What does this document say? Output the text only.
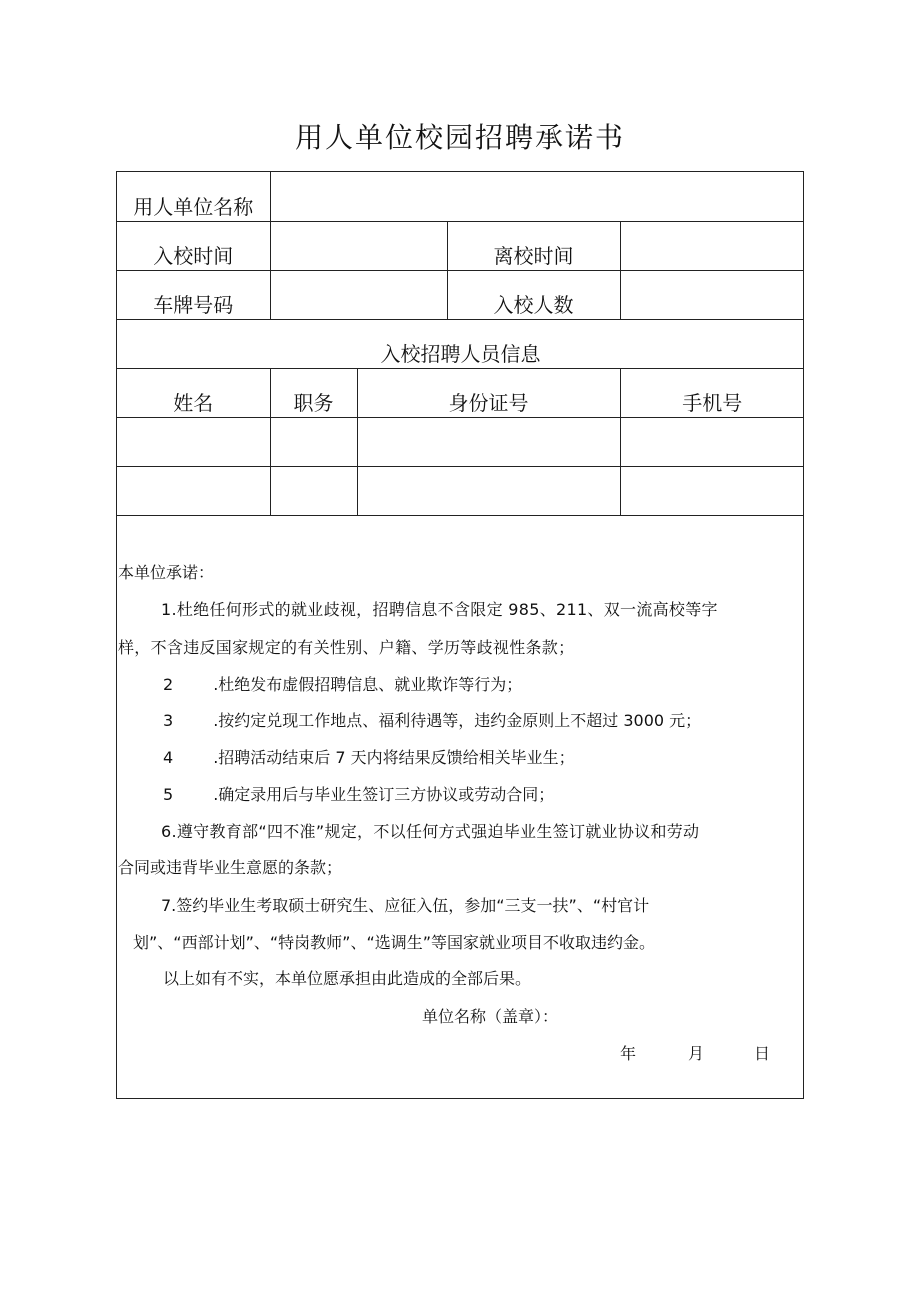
用人单位校园招聘承诺书
用人单位名称				
入校时间			离校时间	
车牌号码			入校人数	
入校招聘人员信息				
姓名	职务	身份证号		手机号

本单位承诺：
1.杜绝任何形式的就业歧视，招聘信息不含限定 985、211、双一流高校等字
样，不含违反国家规定的有关性别、户籍、学历等歧视性条款；
2	.杜绝发布虚假招聘信息、就业欺诈等行为；
3	.按约定兑现工作地点、福利待遇等，违约金原则上不超过 3000 元；
4	.招聘活动结束后 7 天内将结果反馈给相关毕业生；
5	.确定录用后与毕业生签订三方协议或劳动合同；
6.遵守教育部“四不准”规定，不以任何方式强迫毕业生签订就业协议和劳动
合同或违背毕业生意愿的条款；
7.签约毕业生考取硕士研究生、应征入伍，参加“三支一扶”、“村官计
划”、“西部计划”、“特岗教师”、“选调生”等国家就业项目不收取违约金。
以上如有不实，本单位愿承担由此造成的全部后果。
单位名称（盖章）：
年	月	日
